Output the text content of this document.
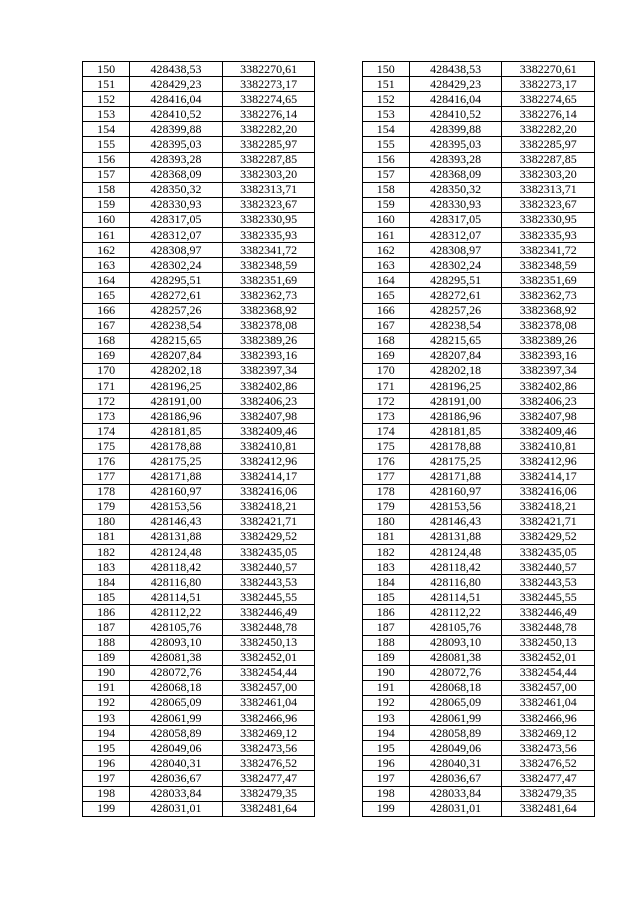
150	428438,53	3382270,61		150	428438,53	3382270,61
151	428429,23	3382273,17		151	428429,23	3382273,17
152	428416,04	3382274,65		152	428416,04	3382274,65
153	428410,52	3382276,14		153	428410,52	3382276,14
154	428399,88	3382282,20		154	428399,88	3382282,20
155	428395,03	3382285,97		155	428395,03	3382285,97
156	428393,28	3382287,85		156	428393,28	3382287,85
157	428368,09	3382303,20		157	428368,09	3382303,20
158	428350,32	3382313,71		158	428350,32	3382313,71
159	428330,93	3382323,67		159	428330,93	3382323,67
160	428317,05	3382330,95		160	428317,05	3382330,95
161	428312,07	3382335,93		161	428312,07	3382335,93
162	428308,97	3382341,72		162	428308,97	3382341,72
163	428302,24	3382348,59		163	428302,24	3382348,59
164	428295,51	3382351,69		164	428295,51	3382351,69
165	428272,61	3382362,73		165	428272,61	3382362,73
166	428257,26	3382368,92		166	428257,26	3382368,92
167	428238,54	3382378,08		167	428238,54	3382378,08
168	428215,65	3382389,26		168	428215,65	3382389,26
169	428207,84	3382393,16		169	428207,84	3382393,16
170	428202,18	3382397,34		170	428202,18	3382397,34
171	428196,25	3382402,86		171	428196,25	3382402,86
172	428191,00	3382406,23		172	428191,00	3382406,23
173	428186,96	3382407,98		173	428186,96	3382407,98
174	428181,85	3382409,46		174	428181,85	3382409,46
175	428178,88	3382410,81		175	428178,88	3382410,81
176	428175,25	3382412,96		176	428175,25	3382412,96
177	428171,88	3382414,17		177	428171,88	3382414,17
178	428160,97	3382416,06		178	428160,97	3382416,06
179	428153,56	3382418,21		179	428153,56	3382418,21
180	428146,43	3382421,71		180	428146,43	3382421,71
181	428131,88	3382429,52		181	428131,88	3382429,52
182	428124,48	3382435,05		182	428124,48	3382435,05
183	428118,42	3382440,57		183	428118,42	3382440,57
184	428116,80	3382443,53		184	428116,80	3382443,53
185	428114,51	3382445,55		185	428114,51	3382445,55
186	428112,22	3382446,49		186	428112,22	3382446,49
187	428105,76	3382448,78		187	428105,76	3382448,78
188	428093,10	3382450,13		188	428093,10	3382450,13
189	428081,38	3382452,01		189	428081,38	3382452,01
190	428072,76	3382454,44		190	428072,76	3382454,44
191	428068,18	3382457,00		191	428068,18	3382457,00
192	428065,09	3382461,04		192	428065,09	3382461,04
193	428061,99	3382466,96		193	428061,99	3382466,96
194	428058,89	3382469,12		194	428058,89	3382469,12
195	428049,06	3382473,56		195	428049,06	3382473,56
196	428040,31	3382476,52		196	428040,31	3382476,52
197	428036,67	3382477,47		197	428036,67	3382477,47
198	428033,84	3382479,35		198	428033,84	3382479,35
199	428031,01	3382481,64		199	428031,01	3382481,64
